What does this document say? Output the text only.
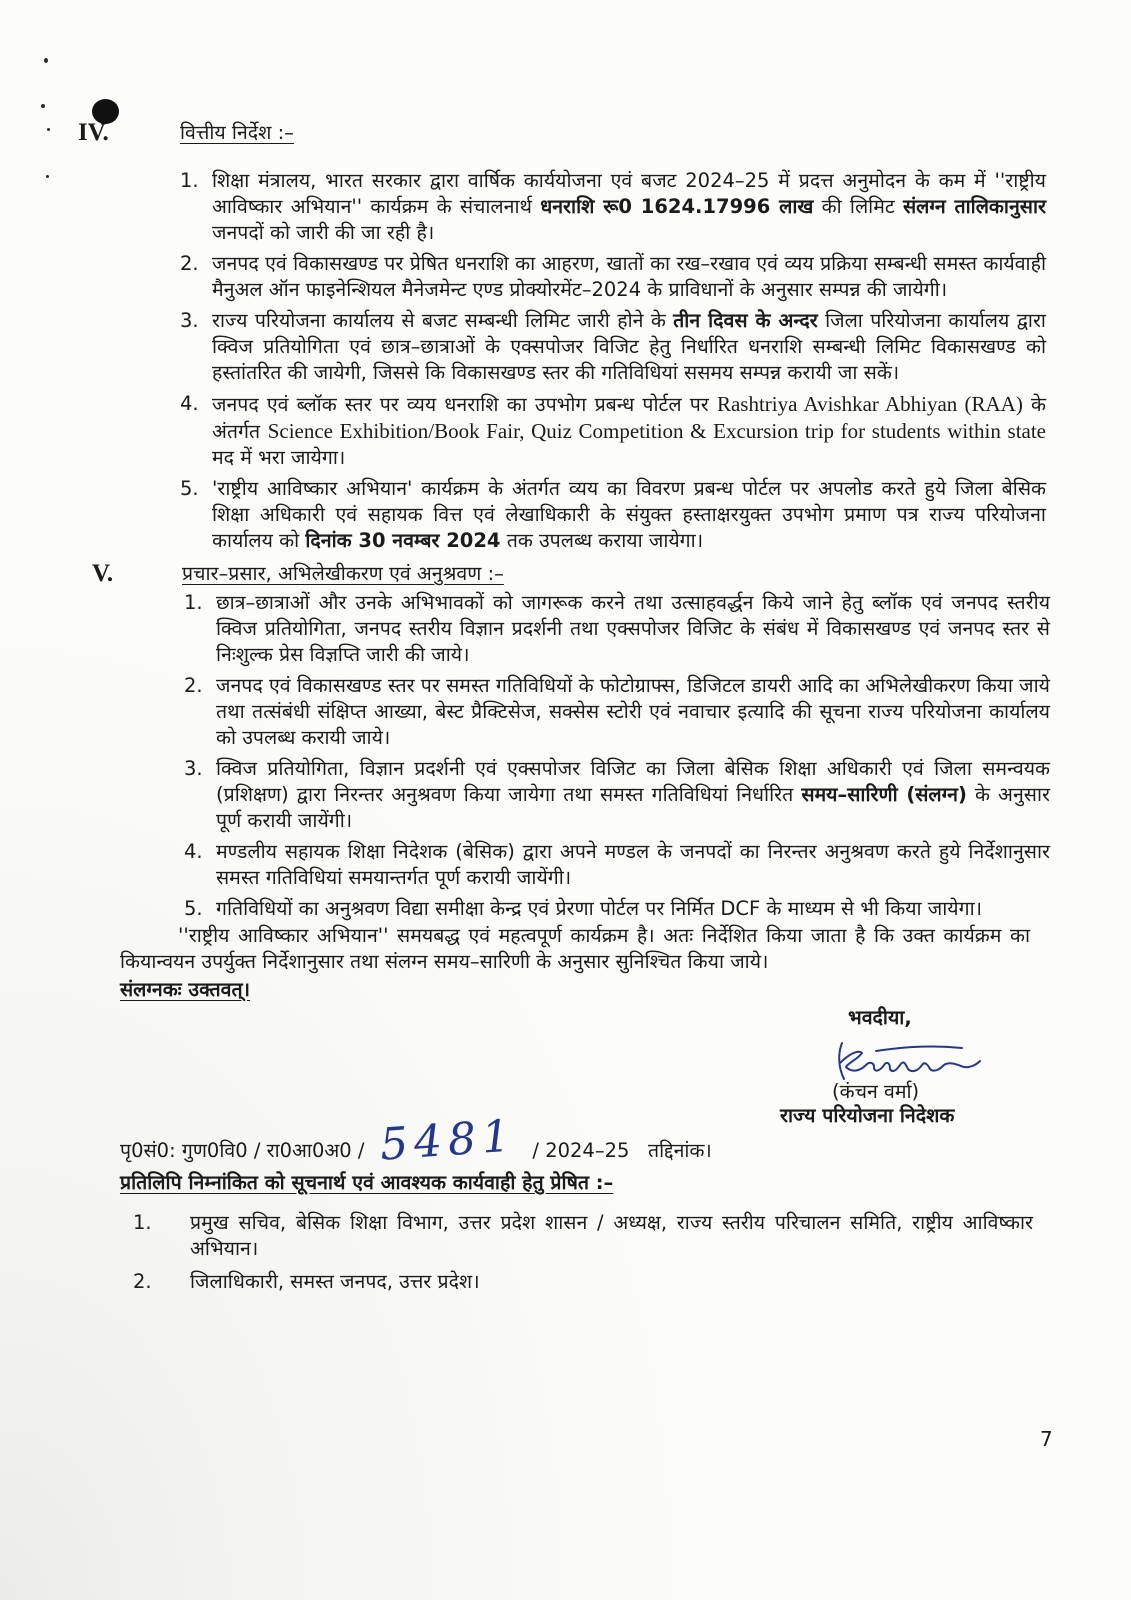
IV.	वित्तीय निर्देश :–
1. शिक्षा मंत्रालय, भारत सरकार द्वारा वार्षिक कार्ययोजना एवं बजट 2024–25 में प्रदत्त अनुमोदन के कम में ''राष्ट्रीय आविष्कार अभियान'' कार्यक्रम के संचालनार्थ धनराशि रू0 1624.17996 लाख की लिमिट संलग्न तालिकानुसार जनपदों को जारी की जा रही है।
2. जनपद एवं विकासखण्ड पर प्रेषित धनराशि का आहरण, खातों का रख–रखाव एवं व्यय प्रक्रिया सम्बन्धी समस्त कार्यवाही मैनुअल ऑन फाइनेन्शियल मैनेजमेन्ट एण्ड प्रोक्योरमेंट–2024 के प्राविधानों के अनुसार सम्पन्न की जायेगी।
3. राज्य परियोजना कार्यालय से बजट सम्बन्धी लिमिट जारी होने के तीन दिवस के अन्दर जिला परियोजना कार्यालय द्वारा क्विज प्रतियोगिता एवं छात्र–छात्राओं के एक्सपोजर विजिट हेतु निर्धारित धनराशि सम्बन्धी लिमिट विकासखण्ड को हस्तांतरित की जायेगी, जिससे कि विकासखण्ड स्तर की गतिविधियां ससमय सम्पन्न करायी जा सकें।
4. जनपद एवं ब्लॉक स्तर पर व्यय धनराशि का उपभोग प्रबन्ध पोर्टल पर Rashtriya Avishkar Abhiyan (RAA) के अंतर्गत Science Exhibition/Book Fair, Quiz Competition & Excursion trip for students within state मद में भरा जायेगा।
5. 'राष्ट्रीय आविष्कार अभियान' कार्यक्रम के अंतर्गत व्यय का विवरण प्रबन्ध पोर्टल पर अपलोड करते हुये जिला बेसिक शिक्षा अधिकारी एवं सहायक वित्त एवं लेखाधिकारी के संयुक्त हस्ताक्षरयुक्त उपभोग प्रमाण पत्र राज्य परियोजना कार्यालय को दिनांक 30 नवम्बर 2024 तक उपलब्ध कराया जायेगा।
V.	प्रचार–प्रसार, अभिलेखीकरण एवं अनुश्रवण :–
1. छात्र–छात्राओं और उनके अभिभावकों को जागरूक करने तथा उत्साहवर्द्धन किये जाने हेतु ब्लॉक एवं जनपद स्तरीय क्विज प्रतियोगिता, जनपद स्तरीय विज्ञान प्रदर्शनी तथा एक्सपोजर विजिट के संबंध में विकासखण्ड एवं जनपद स्तर से निःशुल्क प्रेस विज्ञप्ति जारी की जाये।
2. जनपद एवं विकासखण्ड स्तर पर समस्त गतिविधियों के फोटोग्राफ्स, डिजिटल डायरी आदि का अभिलेखीकरण किया जाये तथा तत्संबंधी संक्षिप्त आख्या, बेस्ट प्रैक्टिसेज, सक्सेस स्टोरी एवं नवाचार इत्यादि की सूचना राज्य परियोजना कार्यालय को उपलब्ध करायी जाये।
3. क्विज प्रतियोगिता, विज्ञान प्रदर्शनी एवं एक्सपोजर विजिट का जिला बेसिक शिक्षा अधिकारी एवं जिला समन्वयक (प्रशिक्षण) द्वारा निरन्तर अनुश्रवण किया जायेगा तथा समस्त गतिविधियां निर्धारित समय–सारिणी (संलग्न) के अनुसार पूर्ण करायी जायेंगी।
4. मण्डलीय सहायक शिक्षा निदेशक (बेसिक) द्वारा अपने मण्डल के जनपदों का निरन्तर अनुश्रवण करते हुये निर्देशानुसार समस्त गतिविधियां समयान्तर्गत पूर्ण करायी जायेंगी।
5. गतिविधियों का अनुश्रवण विद्या समीक्षा केन्द्र एवं प्रेरणा पोर्टल पर निर्मित DCF के माध्यम से भी किया जायेगा।

''राष्ट्रीय आविष्कार अभियान'' समयबद्ध एवं महत्वपूर्ण कार्यक्रम है। अतः निर्देशित किया जाता है कि उक्त कार्यक्रम का कियान्वयन उपर्युक्त निर्देशानुसार तथा संलग्न समय–सारिणी के अनुसार सुनिश्चित किया जाये।

संलग्नकः उक्तवत्।
भवदीया,
(कंचन वर्मा)
राज्य परियोजना निदेशक
पृ0सं0: गुण0वि0 / रा0आ0अ0 / 5481 / 2024–25   तद्दिनांक।
प्रतिलिपि निम्नांकित को सूचनार्थ एवं आवश्यक कार्यवाही हेतु प्रेषित :–
1.	प्रमुख सचिव, बेसिक शिक्षा विभाग, उत्तर प्रदेश शासन / अध्यक्ष, राज्य स्तरीय परिचालन समिति, राष्ट्रीय आविष्कार अभियान।
2.	जिलाधिकारी, समस्त जनपद, उत्तर प्रदेश।
7
